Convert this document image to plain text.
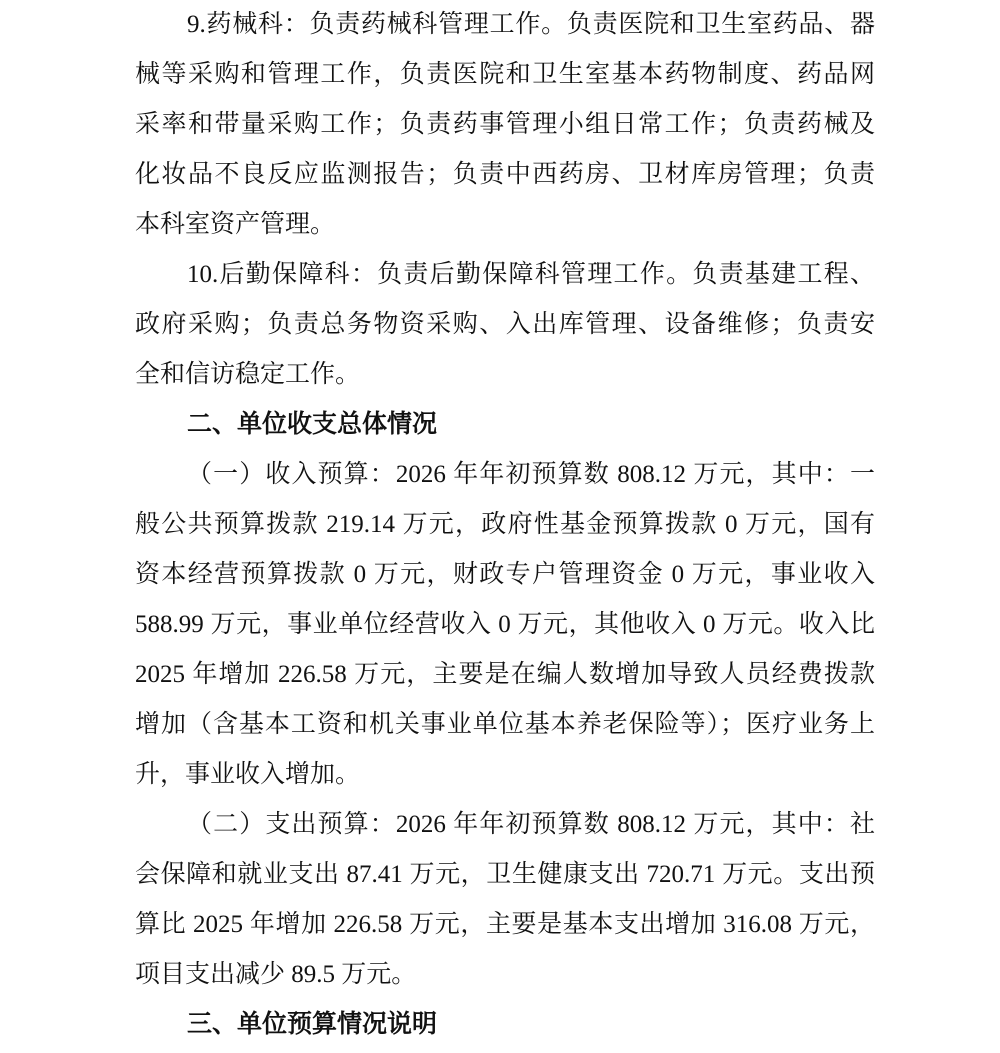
9.药械科：负责药械科管理工作。负责医院和卫生室药品、器
械等采购和管理工作，负责医院和卫生室基本药物制度、药品网
采率和带量采购工作；负责药事管理小组日常工作；负责药械及
化妆品不良反应监测报告；负责中西药房、卫材库房管理；负责
本科室资产管理。
10.后勤保障科：负责后勤保障科管理工作。负责基建工程、
政府采购；负责总务物资采购、入出库管理、设备维修；负责安
全和信访稳定工作。
二、单位收支总体情况
（一）收入预算：2026 年年初预算数 808.12 万元，其中：一
般公共预算拨款 219.14 万元，政府性基金预算拨款 0 万元，国有
资本经营预算拨款 0 万元，财政专户管理资金 0 万元，事业收入
588.99 万元，事业单位经营收入 0 万元，其他收入 0 万元。收入比
2025 年增加 226.58 万元，主要是在编人数增加导致人员经费拨款
增加（含基本工资和机关事业单位基本养老保险等）；医疗业务上
升，事业收入增加。
（二）支出预算：2026 年年初预算数 808.12 万元，其中：社
会保障和就业支出 87.41 万元，卫生健康支出 720.71 万元。支出预
算比 2025 年增加 226.58 万元，主要是基本支出增加 316.08 万元，
项目支出减少 89.5 万元。
三、单位预算情况说明
